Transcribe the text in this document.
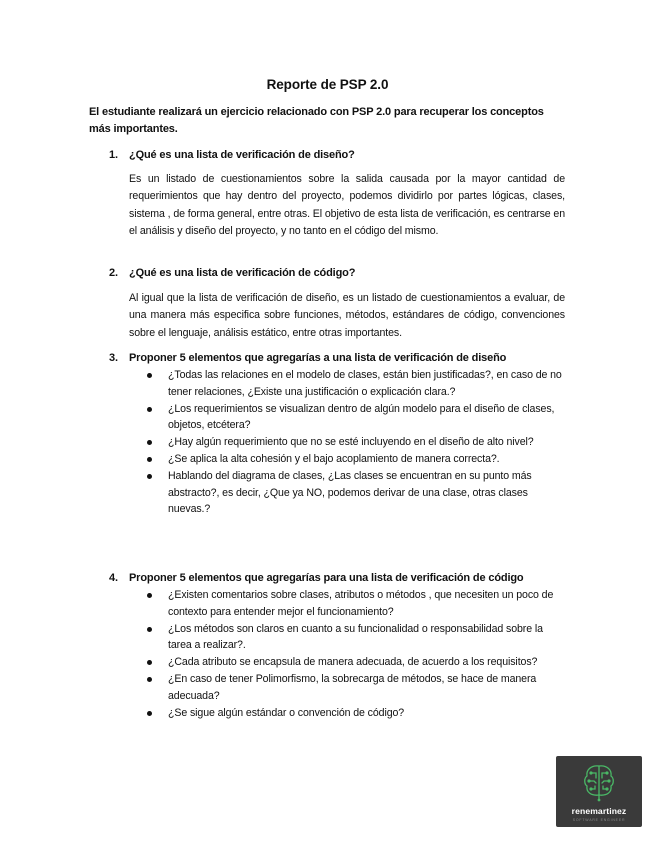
Reporte de PSP 2.0
El estudiante realizará un ejercicio relacionado con PSP 2.0 para recuperar los conceptos más importantes.
1. ¿Qué es una lista de verificación de diseño?
Es un listado de cuestionamientos sobre la salida causada por la mayor cantidad de requerimientos que hay dentro del proyecto, podemos dividirlo por partes lógicas, clases, sistema , de forma general, entre otras. El objetivo de esta lista de verificación, es centrarse en el análisis y diseño del proyecto, y no tanto en el código del mismo.
2. ¿Qué es una lista de verificación de código?
Al igual que la lista de verificación de diseño, es un listado de cuestionamientos a evaluar, de una manera más especifica sobre funciones, métodos, estándares de código, convenciones sobre el lenguaje, análisis estático, entre otras importantes.
3. Proponer 5 elementos que agregarías a una lista de verificación de diseño
¿Todas las relaciones en el modelo de clases, están bien justificadas?, en caso de no tener relaciones, ¿Existe una justificación o explicación clara.?
¿Los requerimientos se visualizan dentro de algún modelo para el diseño de clases, objetos, etcétera?
¿Hay algún requerimiento que no se esté incluyendo en el diseño de alto nivel?
¿Se aplica la alta cohesión y el bajo acoplamiento de manera correcta?.
Hablando del diagrama de clases, ¿Las clases se encuentran en su punto más abstracto?, es decir, ¿Que ya NO, podemos derivar de una clase, otras clases nuevas.?
4. Proponer 5 elementos que agregarías para una lista de verificación de código
¿Existen comentarios sobre clases, atributos o métodos , que necesiten un poco de contexto para entender mejor el funcionamiento?
¿Los métodos son claros en cuanto a su funcionalidad o responsabilidad sobre la tarea a realizar?.
¿Cada atributo se encapsula de manera adecuada, de acuerdo a los requisitos?
¿En caso de tener Polimorfismo, la sobrecarga de métodos, se hace de manera adecuada?
¿Se sigue algún estándar o convención de código?
renemartinez
SOFTWARE ENGINEER
